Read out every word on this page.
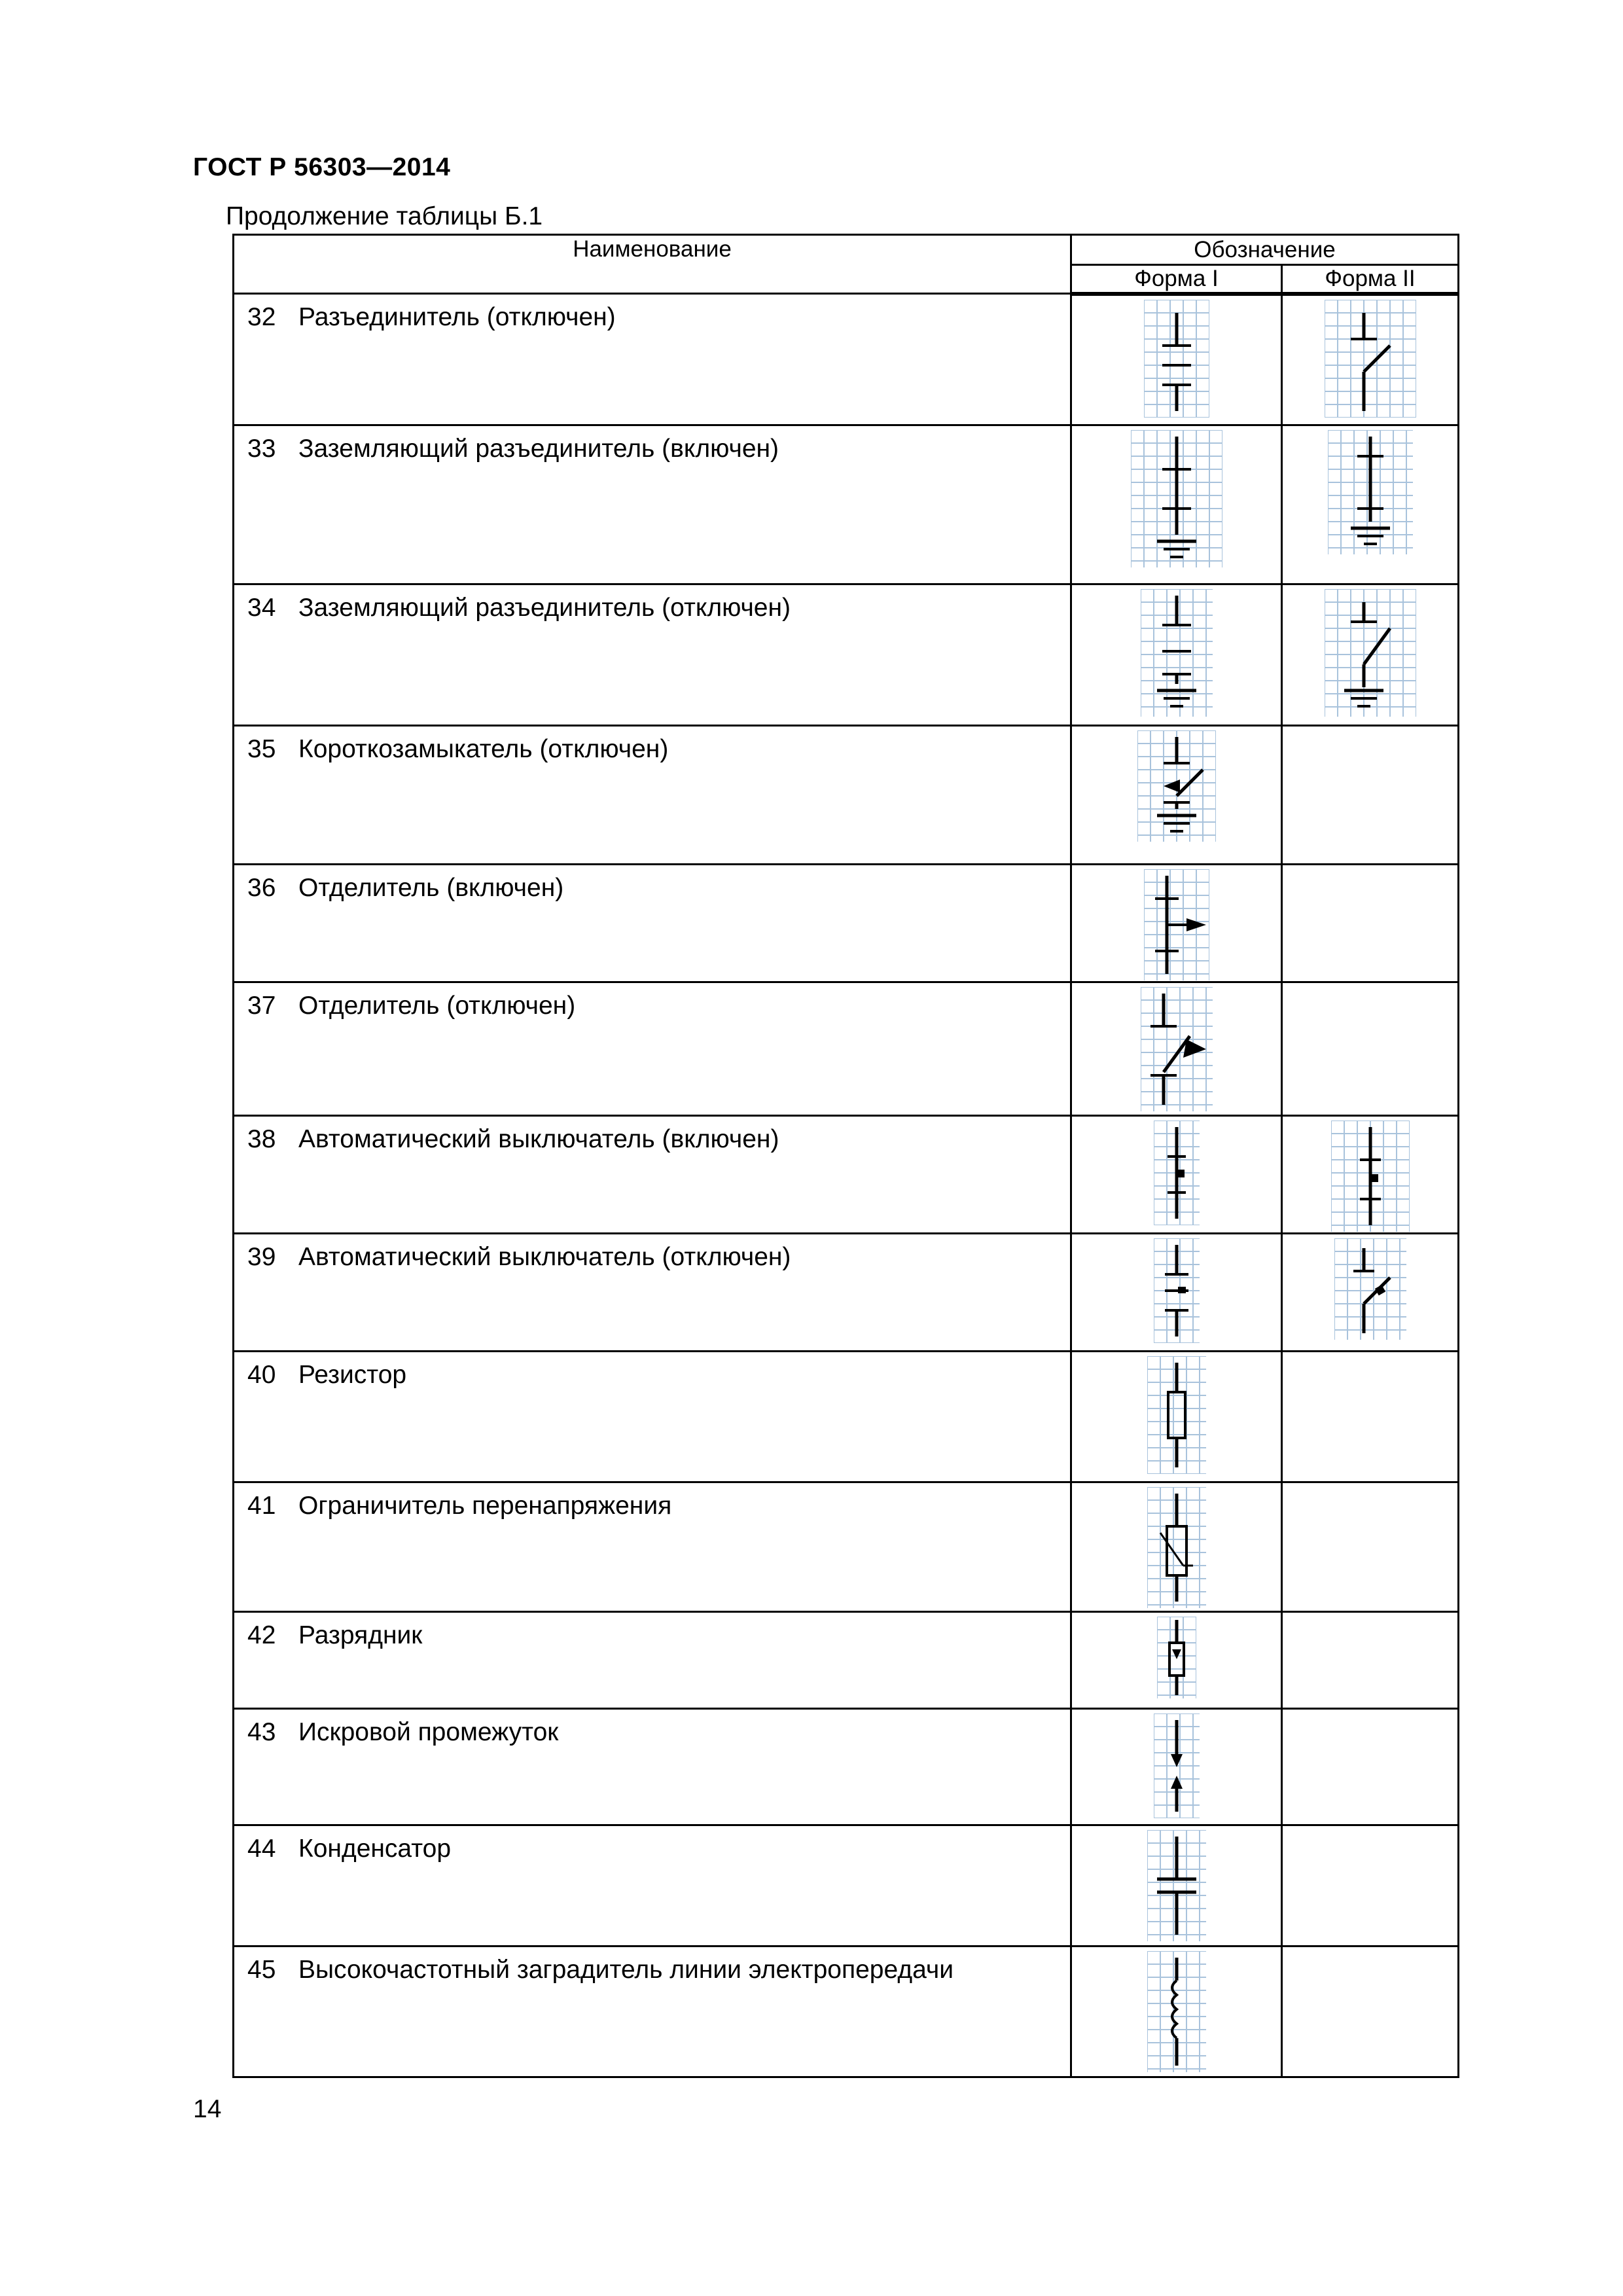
ГОСТ Р 56303—2014
Продолжение таблицы Б.1
Наименование	Обозначение	
	Форма I	Форма II
32 Разъединитель (отключен)	

33 Заземляющий разъединитель (включен)	

34 Заземляющий разъединитель (отключен)	

35 Короткозамыкатель (отключен)	

36 Отделитель (включен)	

37 Отделитель (отключен)	

38 Автоматический выключатель (включен)	

39 Автоматический выключатель (отключен)	

40 Резистор	

41 Ограничитель перенапряжения	

42 Разрядник	

43 Искровой промежуток	

44 Конденсатор	

45 Высокочастотный заградитель линии электропередачи	

14
